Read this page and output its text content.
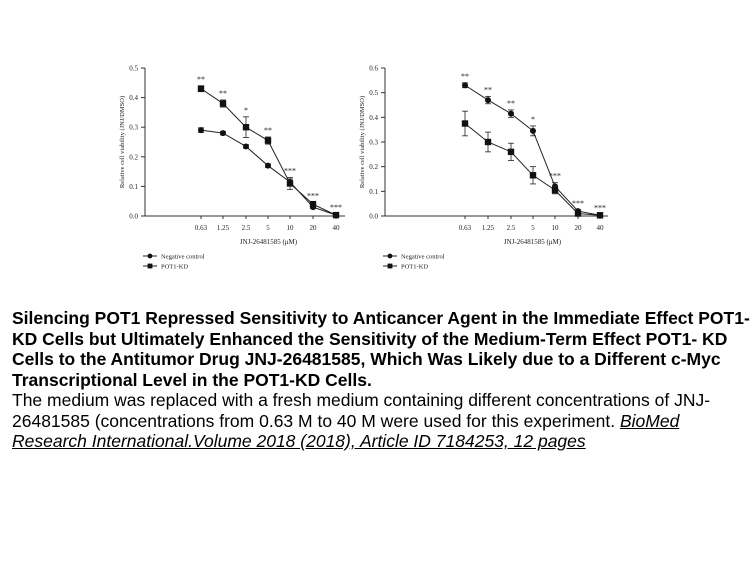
0.0
0.1
0.2
0.3
0.4
0.5
0.63 1.25 2.5 5 10 20 40
Relative cell viability (JNJ/DMSO)
JNJ-26481585 (μM)
**
**
*
**
***
***
***
Negative control
POT1-KD
0.0
0.1
0.2
0.3
0.4
0.5
0.6
0.63 1.25 2.5 5 10 20 40
Relative cell viability (JNJ/DMSO)
JNJ-26481585 (μM)
**
**
**
*
***
***
***
Negative control
POT1-KD

Silencing POT1 Repressed Sensitivity to Anticancer Agent in the Immediate Effect POT1-KD Cells but Ultimately Enhanced the Sensitivity of the Medium-Term Effect POT1- KD Cells to the Antitumor Drug JNJ-26481585, Which Was Likely due to a Different c-Myc Transcriptional Level in the POT1-KD Cells.

The medium was replaced with a fresh medium containing different concentrations of JNJ-26481585 (concentrations from 0.63 M to 40 M were used for this experiment. BioMed Research International.Volume 2018 (2018), Article ID 7184253, 12 pages
